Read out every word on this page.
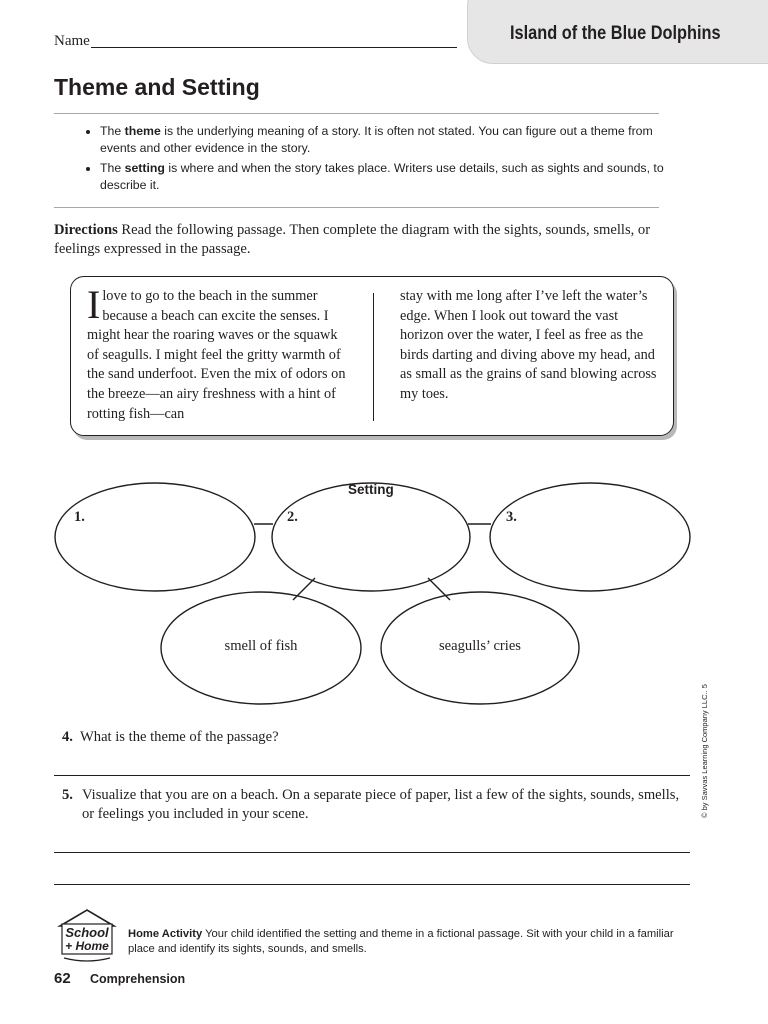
Island of the Blue Dolphins
Name
Theme and Setting
• The theme is the underlying meaning of a story. It is often not stated. You can figure out a theme from events and other evidence in the story.
• The setting is where and when the story takes place. Writers use details, such as sights and sounds, to describe it.
Directions Read the following passage. Then complete the diagram with the sights, sounds, smells, or feelings expressed in the passage.
I love to go to the beach in the summer because a beach can excite the senses. I might hear the roaring waves or the squawk of seagulls. I might feel the gritty warmth of the sand underfoot. Even the mix of odors on the breeze—an airy freshness with a hint of rotting fish—can
stay with me long after I’ve left the water’s edge. When I look out toward the vast horizon over the water, I feel as free as the birds darting and diving above my head, and as small as the grains of sand blowing across my toes.
Setting
1.	2.	3.
smell of fish	seagulls’ cries
4. What is the theme of the passage?
5. Visualize that you are on a beach. On a separate piece of paper, list a few of the sights, sounds, smells, or feelings you included in your scene.	© by Savvas Learning Company LLC.. 5
School
+ Home
Home Activity Your child identified the setting and theme in a fictional passage. Sit with your child in a familiar place and identify its sights, sounds, and smells.
62 Comprehension
